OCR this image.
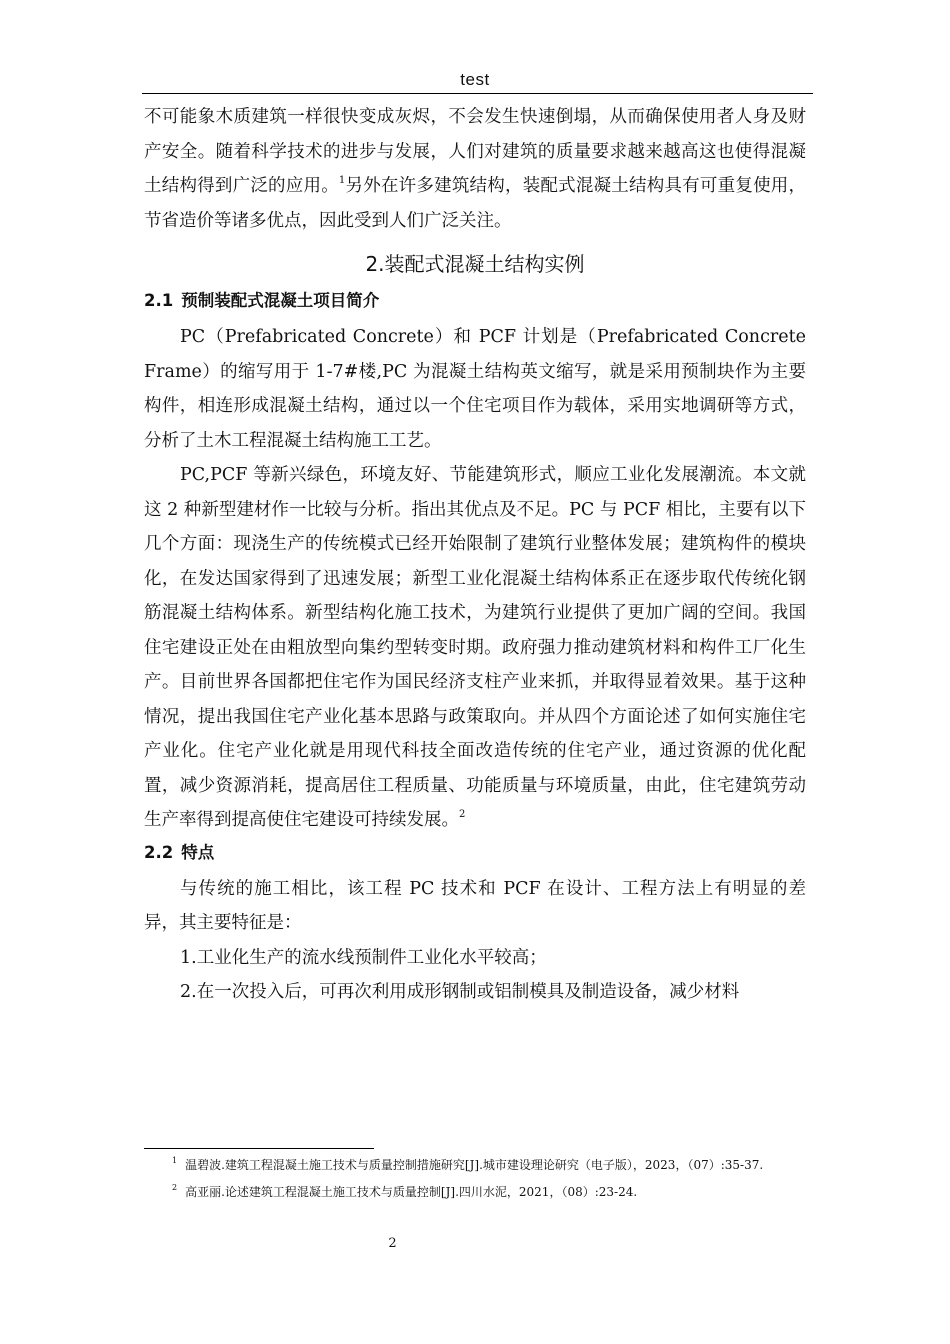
test

不可能象木质建筑一样很快变成灰烬，不会发生快速倒塌，从而确保使用者人身及财产安全。随着科学技术的进步与发展，人们对建筑的质量要求越来越高这也使得混凝土结构得到广泛的应用。$^1$另外在许多建筑结构，装配式混凝土结构具有可重复使用，节省造价等诸多优点，因此受到人们广泛关注。

2.装配式混凝土结构实例
2.1 预制装配式混凝土项目简介

PC（Prefabricated Concrete）和 PCF 计划是（Prefabricated Concrete Frame）的缩写用于 1-7#楼,PC 为混凝土结构英文缩写，就是采用预制块作为主要构件，相连形成混凝土结构，通过以一个住宅项目作为载体，采用实地调研等方式，分析了土木工程混凝土结构施工工艺。

PC,PCF 等新兴绿色，环境友好、节能建筑形式，顺应工业化发展潮流。本文就这 2 种新型建材作一比较与分析。指出其优点及不足。PC 与 PCF 相比，主要有以下几个方面：现浇生产的传统模式已经开始限制了建筑行业整体发展；建筑构件的模块化，在发达国家得到了迅速发展；新型工业化混凝土结构体系正在逐步取代传统化钢筋混凝土结构体系。新型结构化施工技术，为建筑行业提供了更加广阔的空间。我国住宅建设正处在由粗放型向集约型转变时期。政府强力推动建筑材料和构件工厂化生产。目前世界各国都把住宅作为国民经济支柱产业来抓，并取得显着效果。基于这种情况，提出我国住宅产业化基本思路与政策取向。并从四个方面论述了如何实施住宅产业化。住宅产业化就是用现代科技全面改造传统的住宅产业，通过资源的优化配置，减少资源消耗，提高居住工程质量、功能质量与环境质量，由此，住宅建筑劳动生产率得到提高使住宅建设可持续发展。$^2$

2.2 特点

与传统的施工相比，该工程 PC 技术和 PCF 在设计、工程方法上有明显的差异，其主要特征是：

1.工业化生产的流水线预制件工业化水平较高；

2.在一次投入后，可再次利用成形钢制或铝制模具及制造设备，减少材料

$^1$ 温碧波.建筑工程混凝土施工技术与质量控制措施研究[J].城市建设理论研究（电子版），2023，（07）:35-37.
$^2$ 高亚丽.论述建筑工程混凝土施工技术与质量控制[J].四川水泥，2021，（08）:23-24.
2
